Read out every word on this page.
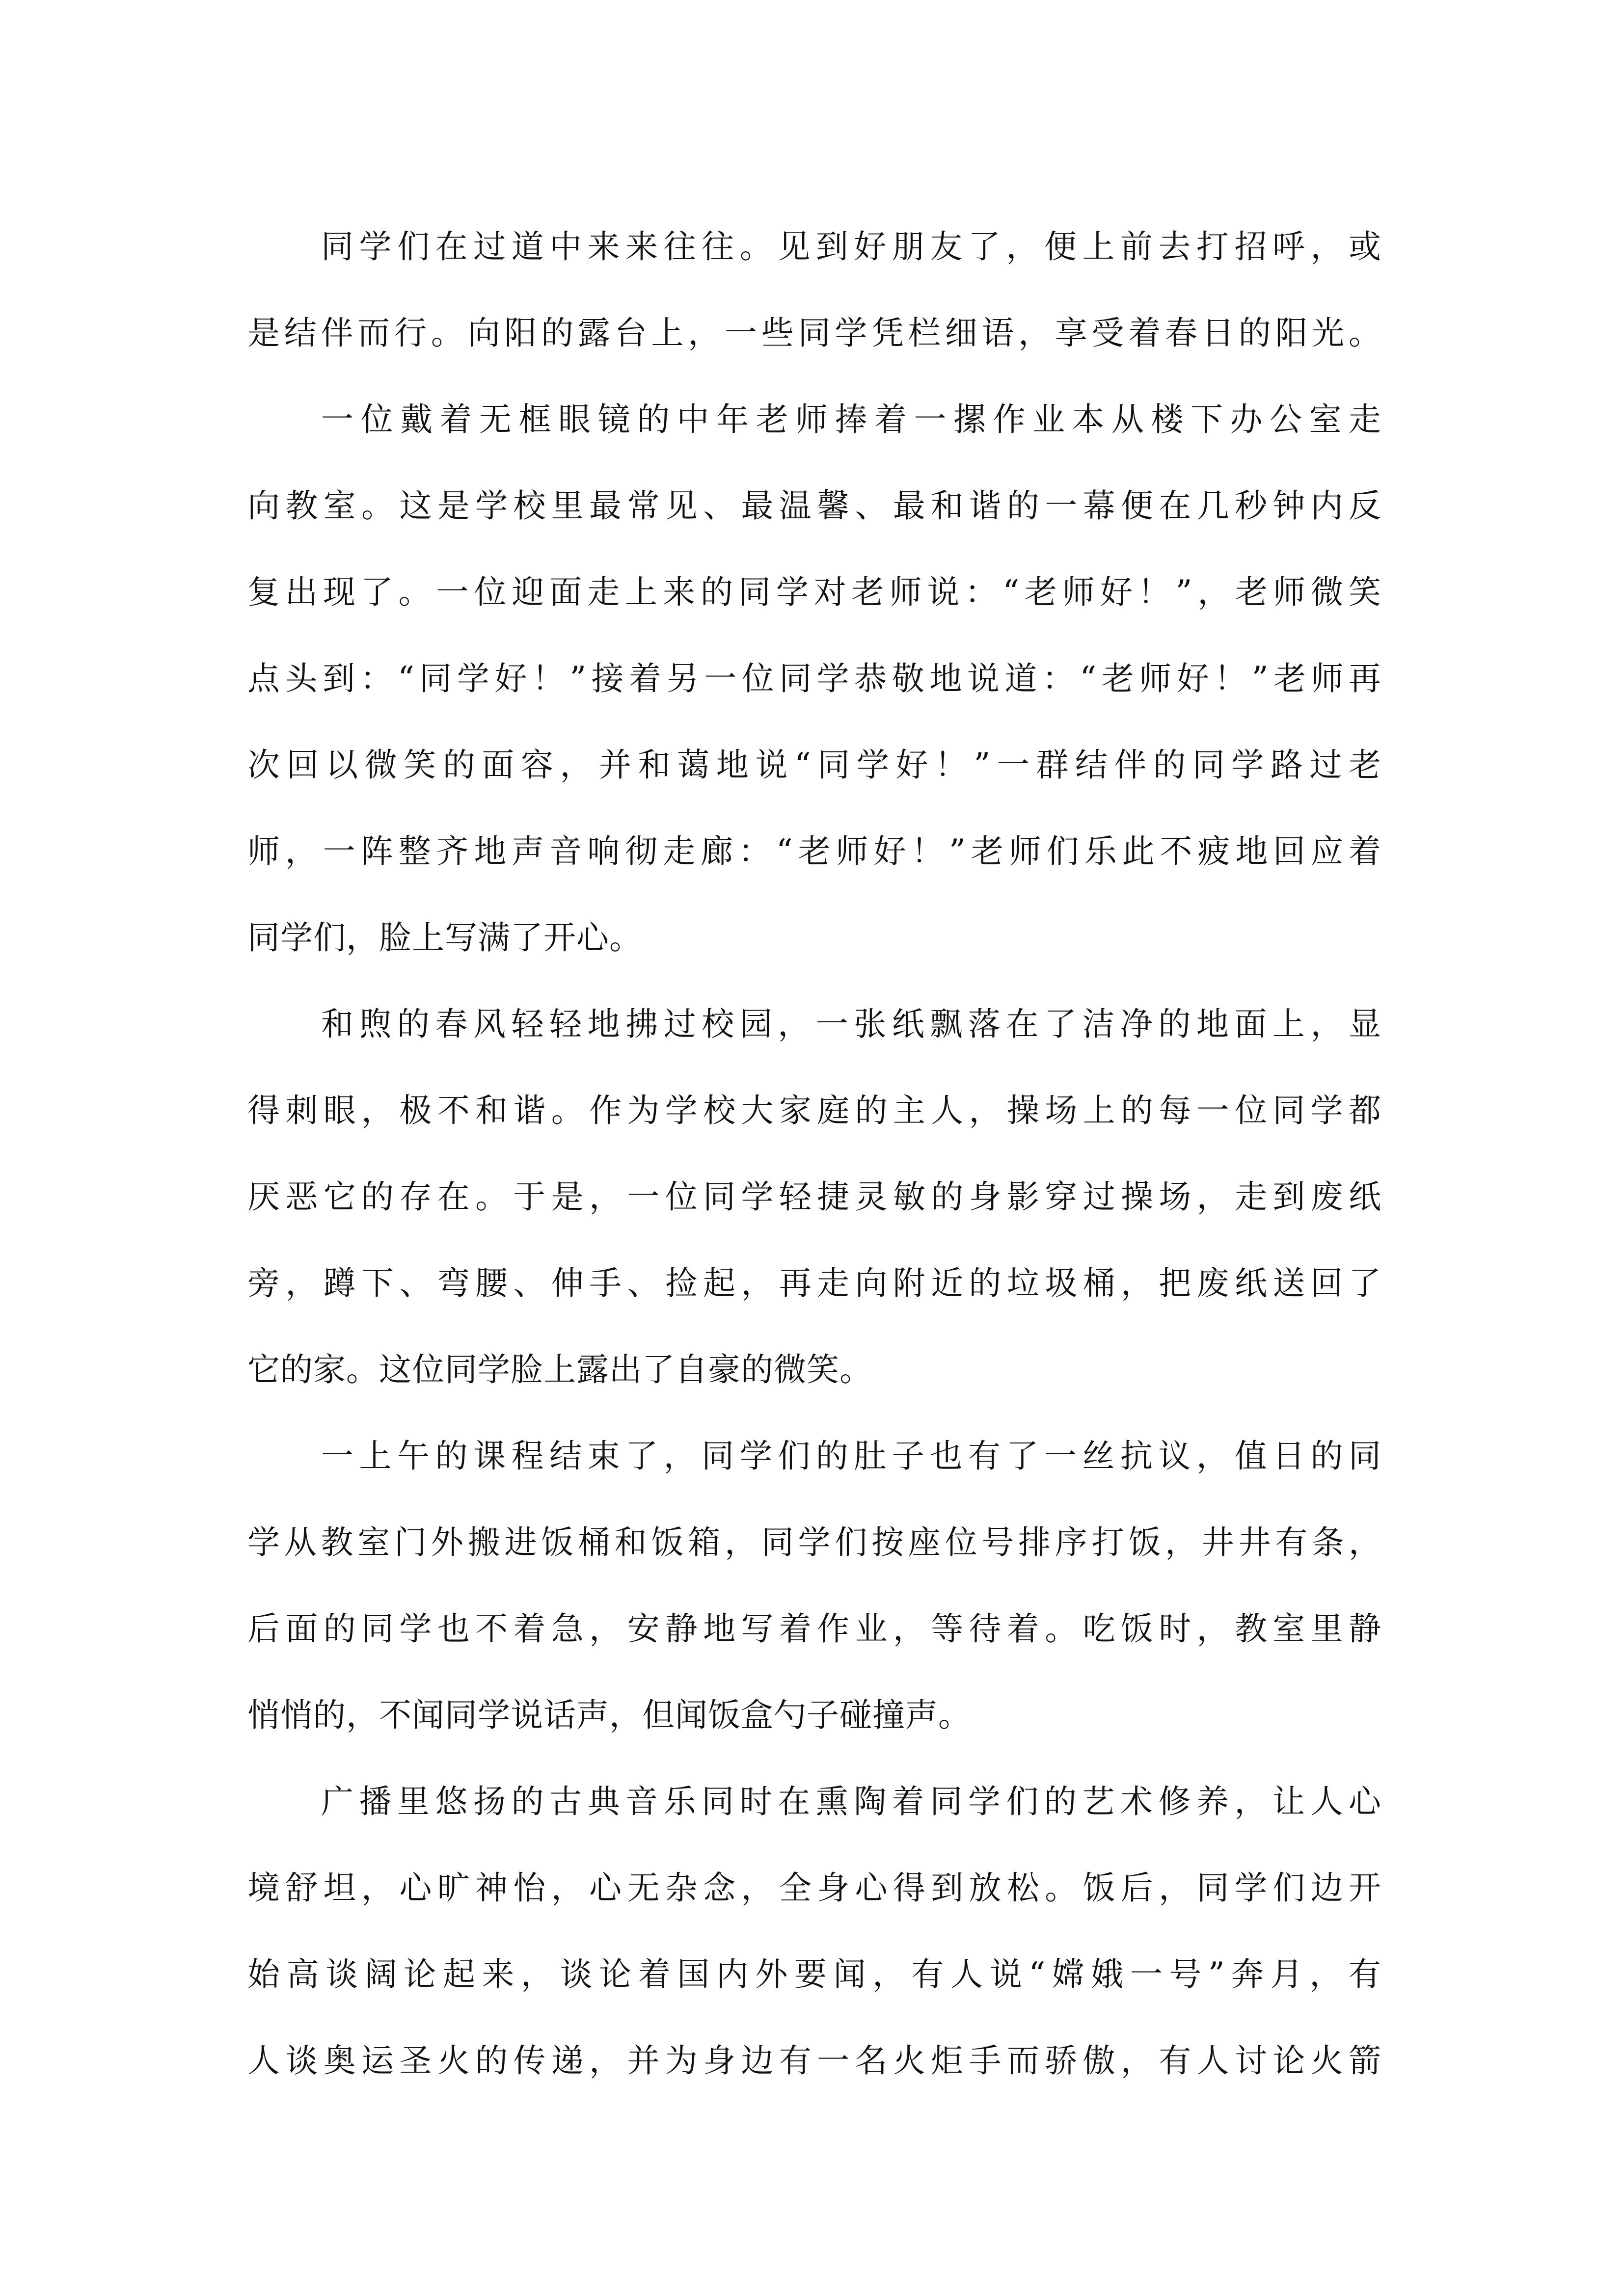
同学们在过道中来来往往。见到好朋友了，便上前去打招呼，或
是结伴而行。向阳的露台上，一些同学凭栏细语，享受着春日的阳光。
一位戴着无框眼镜的中年老师捧着一摞作业本从楼下办公室走
向教室。这是学校里最常见、最温馨、最和谐的一幕便在几秒钟内反
复出现了。一位迎面走上来的同学对老师说：“老师好！”，老师微笑
点头到：“同学好！”接着另一位同学恭敬地说道：“老师好！”老师再
次回以微笑的面容，并和蔼地说“同学好！”一群结伴的同学路过老
师，一阵整齐地声音响彻走廊：“老师好！”老师们乐此不疲地回应着
同学们，脸上写满了开心。
和煦的春风轻轻地拂过校园，一张纸飘落在了洁净的地面上，显
得刺眼，极不和谐。作为学校大家庭的主人，操场上的每一位同学都
厌恶它的存在。于是，一位同学轻捷灵敏的身影穿过操场，走到废纸
旁，蹲下、弯腰、伸手、捡起，再走向附近的垃圾桶，把废纸送回了
它的家。这位同学脸上露出了自豪的微笑。
一上午的课程结束了，同学们的肚子也有了一丝抗议，值日的同
学从教室门外搬进饭桶和饭箱，同学们按座位号排序打饭，井井有条，
后面的同学也不着急，安静地写着作业，等待着。吃饭时，教室里静
悄悄的，不闻同学说话声，但闻饭盒勺子碰撞声。
广播里悠扬的古典音乐同时在熏陶着同学们的艺术修养，让人心
境舒坦，心旷神怡，心无杂念，全身心得到放松。饭后，同学们边开
始高谈阔论起来，谈论着国内外要闻，有人说“嫦娥一号”奔月，有
人谈奥运圣火的传递，并为身边有一名火炬手而骄傲，有人讨论火箭
